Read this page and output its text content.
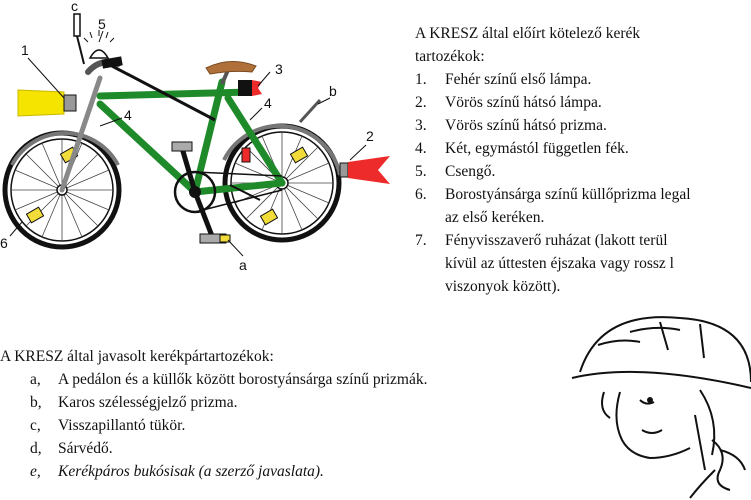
c
5
1
3
b
2
4
4
a
6

A KRESZ által előírt kötelező kerék

tartozékok:

1.	Fehér színű első lámpa.
2.	Vörös színű hátsó lámpa.
3.	Vörös színű hátsó prizma.
4.	Két, egymástól független fék.
5.	Csengő.
6.	Borostyánsárga színű küllőprizma legal
az első keréken.
7.	Fényvisszaverő ruházat (lakott terül
kívül az úttesten éjszaka vagy rossz l
viszonyok között).
A KRESZ által javasolt kerékpártartozékok:
a, A pedálon és a küllők között borostyánsárga színű prizmák.
b, Karos szélességjelző prizma.
c, Visszapillantó tükör.
d, Sárvédő.
e, Kerékpáros bukósisak (a szerző javaslata).
